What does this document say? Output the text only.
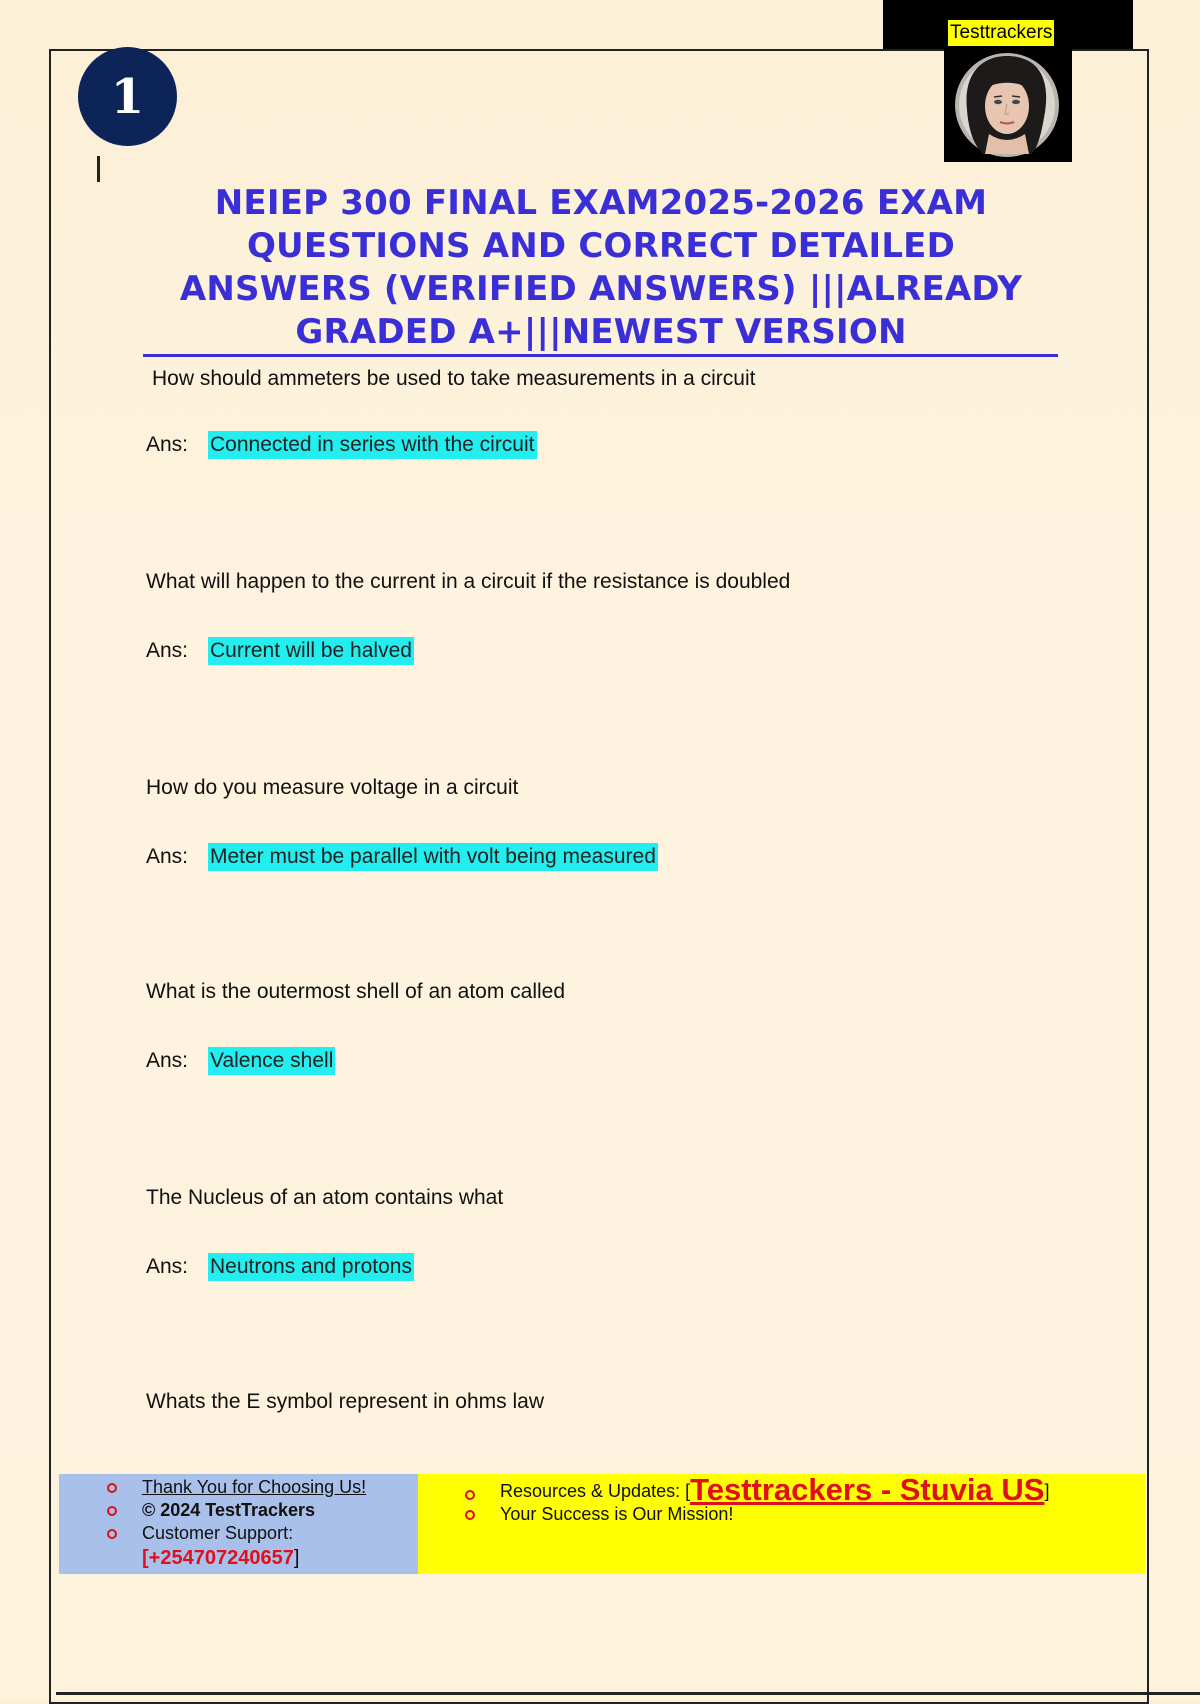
1
Testtrackers
NEIEP 300 FINAL EXAM2025-2026 EXAM QUESTIONS AND CORRECT DETAILED ANSWERS (VERIFIED ANSWERS) |||ALREADY GRADED A+|||NEWEST VERSION
How should ammeters be used to take measurements in a circuit
Ans:	Connected in series with the circuit
What will happen to the current in a circuit if the resistance is doubled
Ans:	Current will be halved
How do you measure voltage in a circuit
Ans:	Meter must be parallel with volt being measured
What is the outermost shell of an atom called
Ans:	Valence shell
The Nucleus of an atom contains what
Ans:	Neutrons and protons
Whats the E symbol represent in ohms law
Thank You for Choosing Us!
© 2024 TestTrackers
Customer Support:
[+254707240657]
Resources & Updates: [Testtrackers - Stuvia US]
Your Success is Our Mission!
